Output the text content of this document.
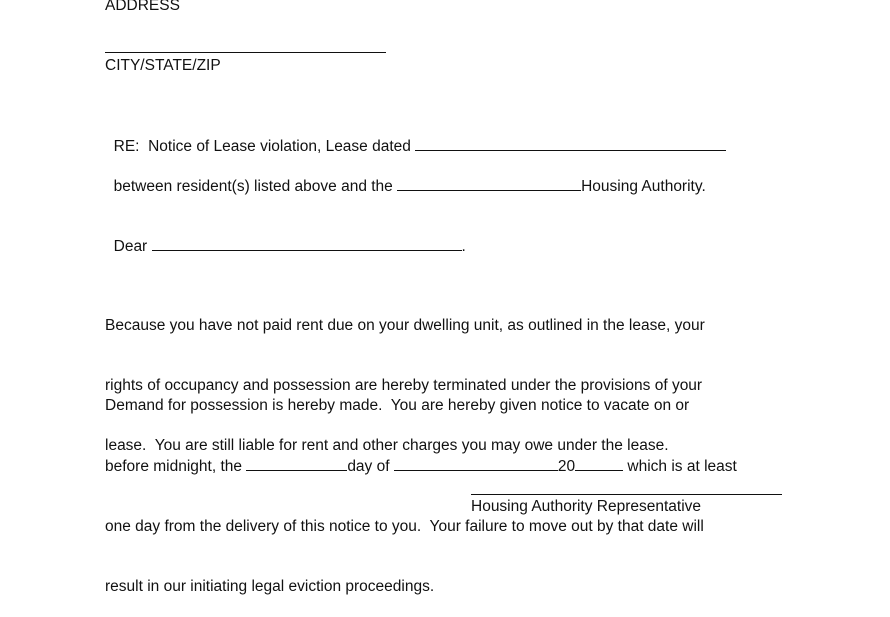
ADDRESS
CITY/STATE/ZIP

RE:  Notice of Lease violation, Lease dated

between resident(s) listed above and the	Housing Authority.

Dear	.

Because you have not paid rent due on your dwelling unit, as outlined in the lease, your

rights of occupancy and possession are hereby terminated under the provisions of your

lease.  You are still liable for rent and other charges you may owe under the lease.

Demand for possession is hereby made.  You are hereby given notice to vacate on or

before midnight, the	day of	20	which is at least

one day from the delivery of this notice to you.  Your failure to move out by that date will

result in our initiating legal eviction proceedings.

Housing Authority Representative
